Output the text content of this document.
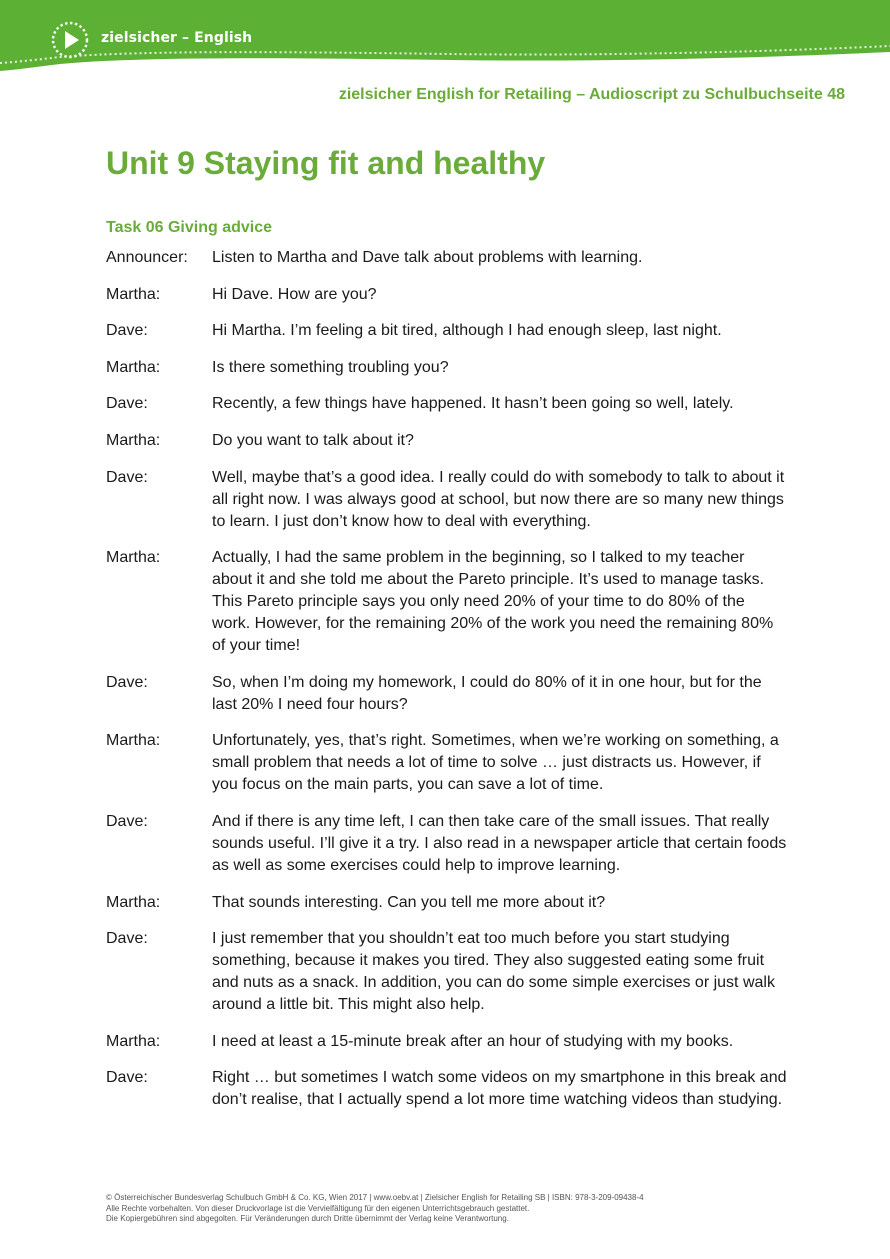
zielsicher – English
zielsicher English for Retailing – Audioscript zu Schulbuchseite 48
Unit 9 Staying fit and healthy
Task 06 Giving advice
Announcer:	Listen to Martha and Dave talk about problems with learning.
Martha:	Hi Dave. How are you?
Dave:	Hi Martha. I’m feeling a bit tired, although I had enough sleep, last night.
Martha:	Is there something troubling you?
Dave:	Recently, a few things have happened. It hasn’t been going so well, lately.
Martha:	Do you want to talk about it?
Dave:	Well, maybe that’s a good idea. I really could do with somebody to talk to about it all right now. I was always good at school, but now there are so many new things to learn. I just don’t know how to deal with everything.
Martha:	Actually, I had the same problem in the beginning, so I talked to my teacher about it and she told me about the Pareto principle. It’s used to manage tasks. This Pareto principle says you only need 20% of your time to do 80% of the work. However, for the remaining 20% of the work you need the remaining 80% of your time!
Dave:	So, when I’m doing my homework, I could do 80% of it in one hour, but for the last 20% I need four hours?
Martha:	Unfortunately, yes, that’s right. Sometimes, when we’re working on something, a small problem that needs a lot of time to solve … just distracts us. However, if you focus on the main parts, you can save a lot of time.
Dave:	And if there is any time left, I can then take care of the small issues. That really sounds useful. I’ll give it a try. I also read in a newspaper article that certain foods as well as some exercises could help to improve learning.
Martha:	That sounds interesting. Can you tell me more about it?
Dave:	I just remember that you shouldn’t eat too much before you start studying something, because it makes you tired. They also suggested eating some fruit and nuts as a snack. In addition, you can do some simple exercises or just walk around a little bit. This might also help.
Martha:	I need at least a 15-minute break after an hour of studying with my books.
Dave:	Right … but sometimes I watch some videos on my smartphone in this break and don’t realise, that I actually spend a lot more time watching videos than studying.
© Österreichischer Bundesverlag Schulbuch GmbH & Co. KG, Wien 2017 | www.oebv.at | Zielsicher English for Retailing SB | ISBN: 978-3-209-09438-4
Alle Rechte vorbehalten. Von dieser Druckvorlage ist die Vervielfältigung für den eigenen Unterrichtsgebrauch gestattet.
Die Kopiergebühren sind abgegolten. Für Veränderungen durch Dritte übernimmt der Verlag keine Verantwortung.
